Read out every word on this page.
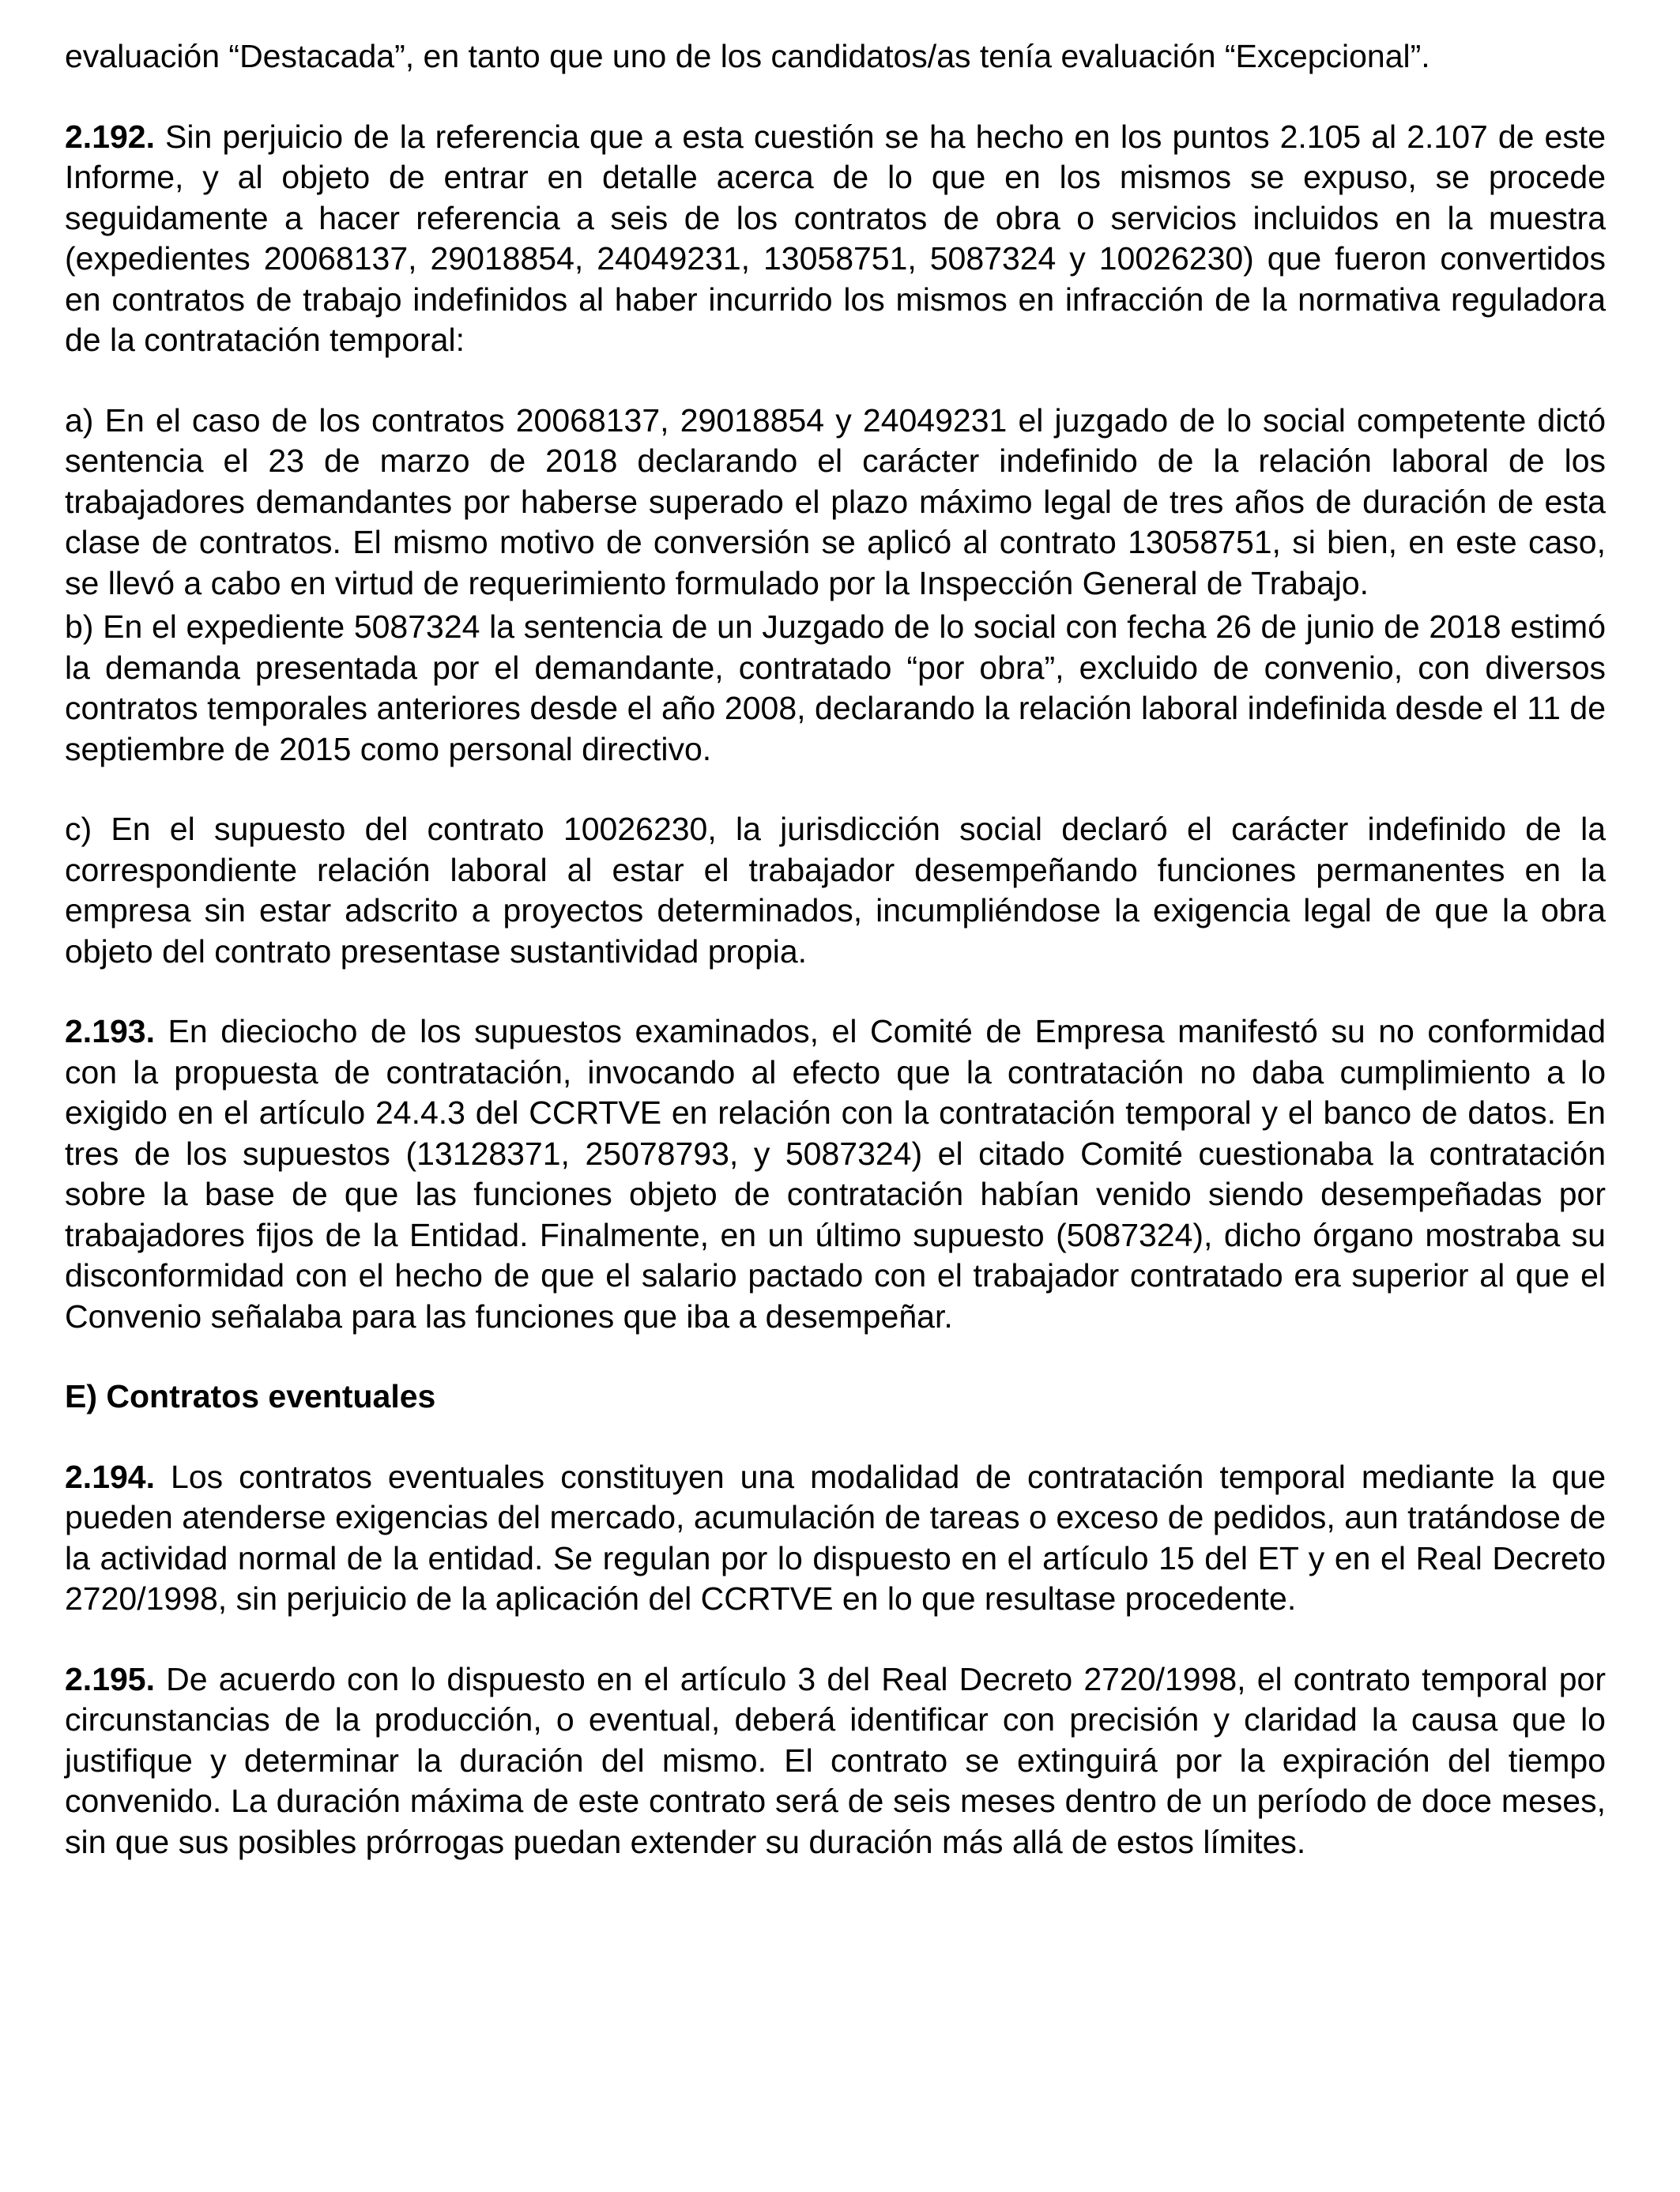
evaluación “Destacada”, en tanto que uno de los candidatos/as tenía evaluación “Excepcional”.

2.192. Sin perjuicio de la referencia que a esta cuestión se ha hecho en los puntos 2.105 al 2.107 de este Informe, y al objeto de entrar en detalle acerca de lo que en los mismos se expuso, se procede seguidamente a hacer referencia a seis de los contratos de obra o servicios incluidos en la muestra (expedientes 20068137, 29018854, 24049231, 13058751, 5087324 y 10026230) que fueron convertidos en contratos de trabajo indefinidos al haber incurrido los mismos en infracción de la normativa reguladora de la contratación temporal:

a) En el caso de los contratos 20068137, 29018854 y 24049231 el juzgado de lo social competente dictó sentencia el 23 de marzo de 2018 declarando el carácter indefinido de la relación laboral de los trabajadores demandantes por haberse superado el plazo máximo legal de tres años de duración de esta clase de contratos. El mismo motivo de conversión se aplicó al contrato 13058751, si bien, en este caso, se llevó a cabo en virtud de requerimiento formulado por la Inspección General de Trabajo.

b) En el expediente 5087324 la sentencia de un Juzgado de lo social con fecha 26 de junio de 2018 estimó la demanda presentada por el demandante, contratado “por obra”, excluido de convenio, con diversos contratos temporales anteriores desde el año 2008, declarando la relación laboral indefinida desde el 11 de septiembre de 2015 como personal directivo.

c) En el supuesto del contrato 10026230, la jurisdicción social declaró el carácter indefinido de la correspondiente relación laboral al estar el trabajador desempeñando funciones permanentes en la empresa sin estar adscrito a proyectos determinados, incumpliéndose la exigencia legal de que la obra objeto del contrato presentase sustantividad propia.

2.193. En dieciocho de los supuestos examinados, el Comité de Empresa manifestó su no conformidad con la propuesta de contratación, invocando al efecto que la contratación no daba cumplimiento a lo exigido en el artículo 24.4.3 del CCRTVE en relación con la contratación temporal y el banco de datos. En tres de los supuestos (13128371, 25078793, y 5087324) el citado Comité cuestionaba la contratación sobre la base de que las funciones objeto de contratación habían venido siendo desempeñadas por trabajadores fijos de la Entidad. Finalmente, en un último supuesto (5087324), dicho órgano mostraba su disconformidad con el hecho de que el salario pactado con el trabajador contratado era superior al que el Convenio señalaba para las funciones que iba a desempeñar.

E) Contratos eventuales

2.194. Los contratos eventuales constituyen una modalidad de contratación temporal mediante la que pueden atenderse exigencias del mercado, acumulación de tareas o exceso de pedidos, aun tratándose de la actividad normal de la entidad. Se regulan por lo dispuesto en el artículo 15 del ET y en el Real Decreto 2720/1998, sin perjuicio de la aplicación del CCRTVE en lo que resultase procedente.

2.195. De acuerdo con lo dispuesto en el artículo 3 del Real Decreto 2720/1998, el contrato temporal por circunstancias de la producción, o eventual, deberá identificar con precisión y claridad la causa que lo justifique y determinar la duración del mismo. El contrato se extinguirá por la expiración del tiempo convenido. La duración máxima de este contrato será de seis meses dentro de un período de doce meses, sin que sus posibles prórrogas puedan extender su duración más allá de estos límites.
